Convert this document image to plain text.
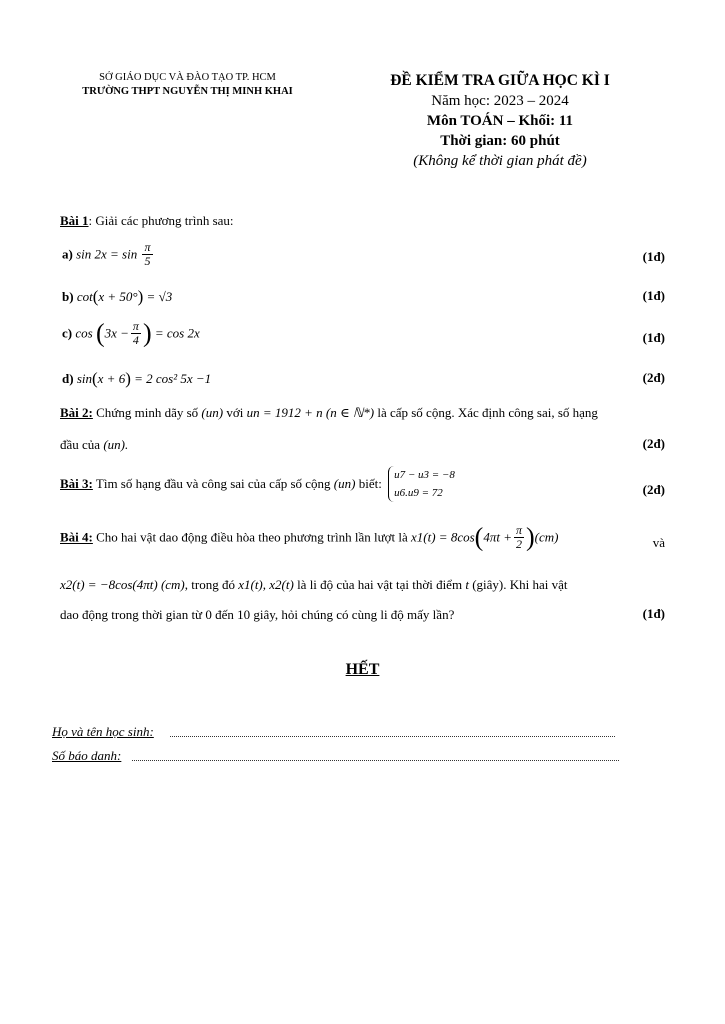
SỞ GIÁO DỤC VÀ ĐÀO TẠO TP. HCM
TRƯỜNG THPT NGUYỄN THỊ MINH KHAI
ĐỀ KIỂM TRA GIỮA HỌC KÌ I
Năm học: 2023 – 2024
Môn TOÁN – Khối: 11
Thời gian: 60 phút
(Không kể thời gian phát đề)
Bài 1: Giải các phương trình sau:
a) $\sin 2x = \sin \frac{\pi}{5}$	(1đ)
b) cot(x + 50°) = √3	(1đ)
c) $\cos (3x - \frac{\pi}{4}$ ) = cos 2x	(1đ)
d) sin(x + 6) = 2 cos² 5x −1	(2đ)
Bài 2: Chứng minh dãy số (un) với un = 1912 + n (n ∈ ℕ*) là cấp số cộng. Xác định công sai, số hạng
đầu của (un).	(2đ)
Bài 3: Tìm số hạng đầu và công sai của cấp số cộng (un) biết:
u7 − u3 = −8
u6.u9 = 72	(2đ)
Bài 4: Cho hai vật dao động điều hòa theo phương trình lần lượt là $x1(t) = 8\cos(4\pi t + \frac{\pi}{2} )(cm)$	và
x2(t) = −8cos(4πt) (cm), trong đó x1(t), x2(t) là li độ của hai vật tại thời điểm t (giây). Khi hai vật
dao động trong thời gian từ 0 đến 10 giây, hỏi chúng có cùng li độ mấy lần?	(1đ)
HẾT
Họ và tên học sinh:
Số báo danh:
